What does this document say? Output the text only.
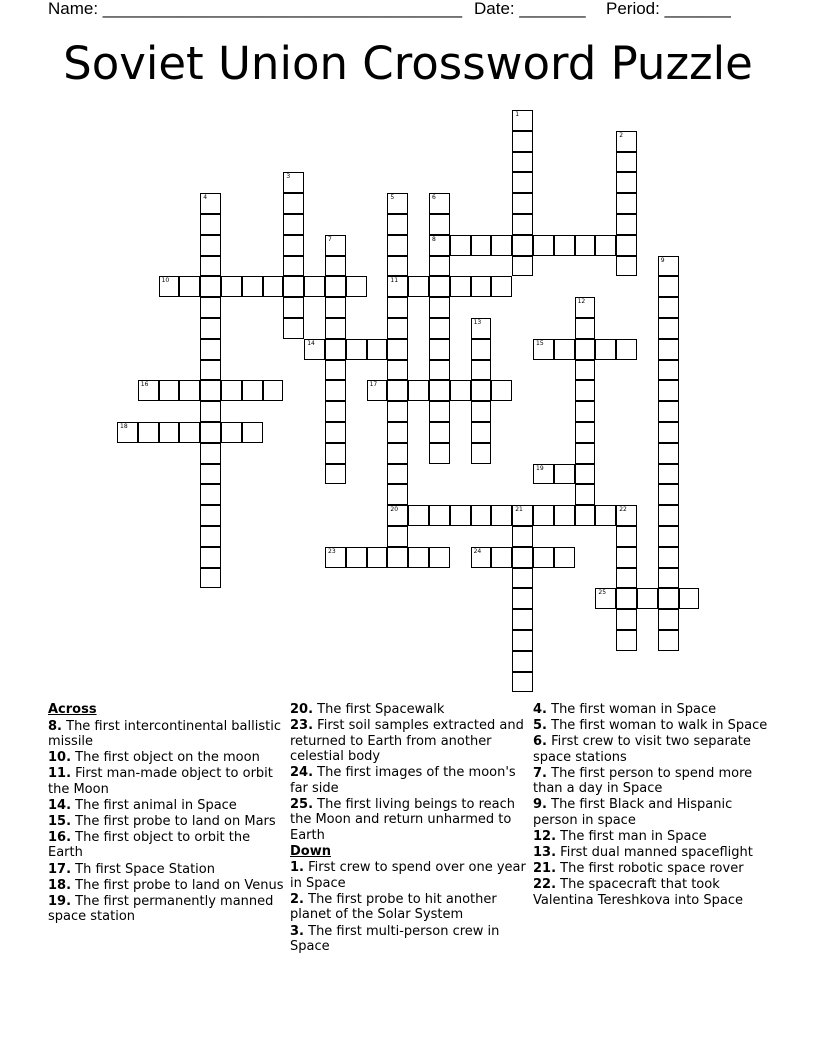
Name: ______________________________________ Date: _______ Period: _______
Soviet Union Crossword Puzzle
8
10	11
14	15
16	17
18
19
20	21	22
23	24
25
1
2
3
4	5	6
7
9
12
13
Across
8. The first intercontinental ballistic missile
10. The first object on the moon
11. First man-made object to orbit the Moon
14. The first animal in Space
15. The first probe to land on Mars
16. The first object to orbit the Earth
17. Th first Space Station
18. The first probe to land on Venus
19. The first permanently manned space station
20. The first Spacewalk
23. First soil samples extracted and returned to Earth from another celestial body
24. The first images of the moon's far side
25. The first living beings to reach the Moon and return unharmed to Earth
Down
1. First crew to spend over one year in Space
2. The first probe to hit another planet of the Solar System
3. The first multi-person crew in Space
4. The first woman in Space
5. The first woman to walk in Space
6. First crew to visit two separate space stations
7. The first person to spend more than a day in Space
9. The first Black and Hispanic person in space
12. The first man in Space
13. First dual manned spaceflight
21. The first robotic space rover
22. The spacecraft that took Valentina Tereshkova into Space
